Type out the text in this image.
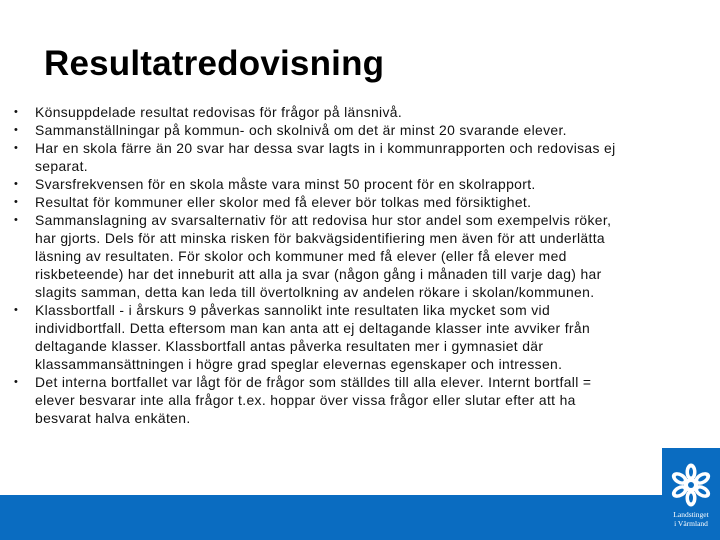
Resultatredovisning
• Könsuppdelade resultat redovisas för frågor på länsnivå.
• Sammanställningar på kommun- och skolnivå om det är minst 20 svarande elever.
• Har en skola färre än 20 svar har dessa svar lagts in i kommunrapporten och redovisas ej separat.
• Svarsfrekvensen för en skola måste vara minst 50 procent för en skolrapport.
• Resultat för kommuner eller skolor med få elever bör tolkas med försiktighet.
• Sammanslagning av svarsalternativ för att redovisa hur stor andel som exempelvis röker, har gjorts. Dels för att minska risken för bakvägsidentifiering men även för att underlätta läsning av resultaten. För skolor och kommuner med få elever (eller få elever med riskbeteende) har det inneburit att alla ja svar (någon gång i månaden till varje dag) har slagits samman, detta kan leda till övertolkning av andelen rökare i skolan/kommunen.
• Klassbortfall - i årskurs 9 påverkas sannolikt inte resultaten lika mycket som vid individbortfall. Detta eftersom man kan anta att ej deltagande klasser inte avviker från deltagande klasser. Klassbortfall antas påverka resultaten mer i gymnasiet där klassammansättningen i högre grad speglar elevernas egenskaper och intressen.
• Det interna bortfallet var lågt för de frågor som ställdes till alla elever. Internt bortfall = elever besvarar inte alla frågor t.ex. hoppar över vissa frågor eller slutar efter att ha besvarat halva enkäten.
Landstinget
i Värmland
